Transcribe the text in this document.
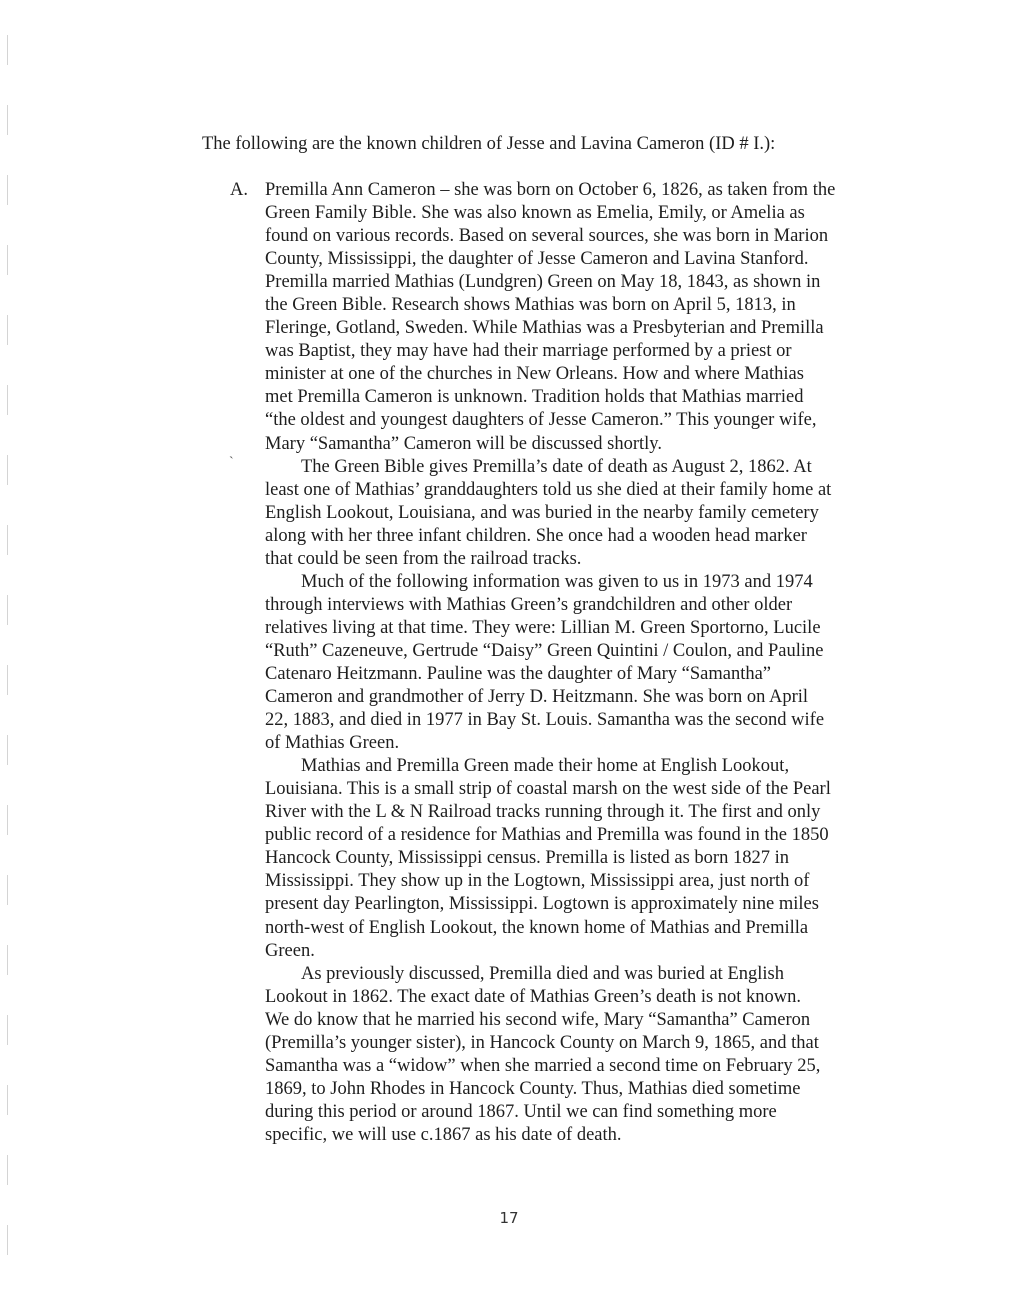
The following are the known children of Jesse and Lavina Cameron (ID # I.):
A.
`
Premilla Ann Cameron – she was born on October 6, 1826, as taken from the
Green Family Bible. She was also known as Emelia, Emily, or Amelia as
found on various records. Based on several sources, she was born in Marion
County, Mississippi, the daughter of Jesse Cameron and Lavina Stanford.
Premilla married Mathias (Lundgren) Green on May 18, 1843, as shown in
the Green Bible. Research shows Mathias was born on April 5, 1813, in
Fleringe, Gotland, Sweden. While Mathias was a Presbyterian and Premilla
was Baptist, they may have had their marriage performed by a priest or
minister at one of the churches in New Orleans. How and where Mathias
met Premilla Cameron is unknown. Tradition holds that Mathias married
“the oldest and youngest daughters of Jesse Cameron.” This younger wife,
Mary “Samantha” Cameron will be discussed shortly.
The Green Bible gives Premilla’s date of death as August 2, 1862. At
least one of Mathias’ granddaughters told us she died at their family home at
English Lookout, Louisiana, and was buried in the nearby family cemetery
along with her three infant children. She once had a wooden head marker
that could be seen from the railroad tracks.
Much of the following information was given to us in 1973 and 1974
through interviews with Mathias Green’s grandchildren and other older
relatives living at that time. They were: Lillian M. Green Sportorno, Lucile
“Ruth” Cazeneuve, Gertrude “Daisy” Green Quintini / Coulon, and Pauline
Catenaro Heitzmann. Pauline was the daughter of Mary “Samantha”
Cameron and grandmother of Jerry D. Heitzmann. She was born on April
22, 1883, and died in 1977 in Bay St. Louis. Samantha was the second wife
of Mathias Green.
Mathias and Premilla Green made their home at English Lookout,
Louisiana. This is a small strip of coastal marsh on the west side of the Pearl
River with the L & N Railroad tracks running through it. The first and only
public record of a residence for Mathias and Premilla was found in the 1850
Hancock County, Mississippi census. Premilla is listed as born 1827 in
Mississippi. They show up in the Logtown, Mississippi area, just north of
present day Pearlington, Mississippi. Logtown is approximately nine miles
north-west of English Lookout, the known home of Mathias and Premilla
Green.
As previously discussed, Premilla died and was buried at English
Lookout in 1862. The exact date of Mathias Green’s death is not known.
We do know that he married his second wife, Mary “Samantha” Cameron
(Premilla’s younger sister), in Hancock County on March 9, 1865, and that
Samantha was a “widow” when she married a second time on February 25,
1869, to John Rhodes in Hancock County. Thus, Mathias died sometime
during this period or around 1867. Until we can find something more
specific, we will use c.1867 as his date of death.
17
